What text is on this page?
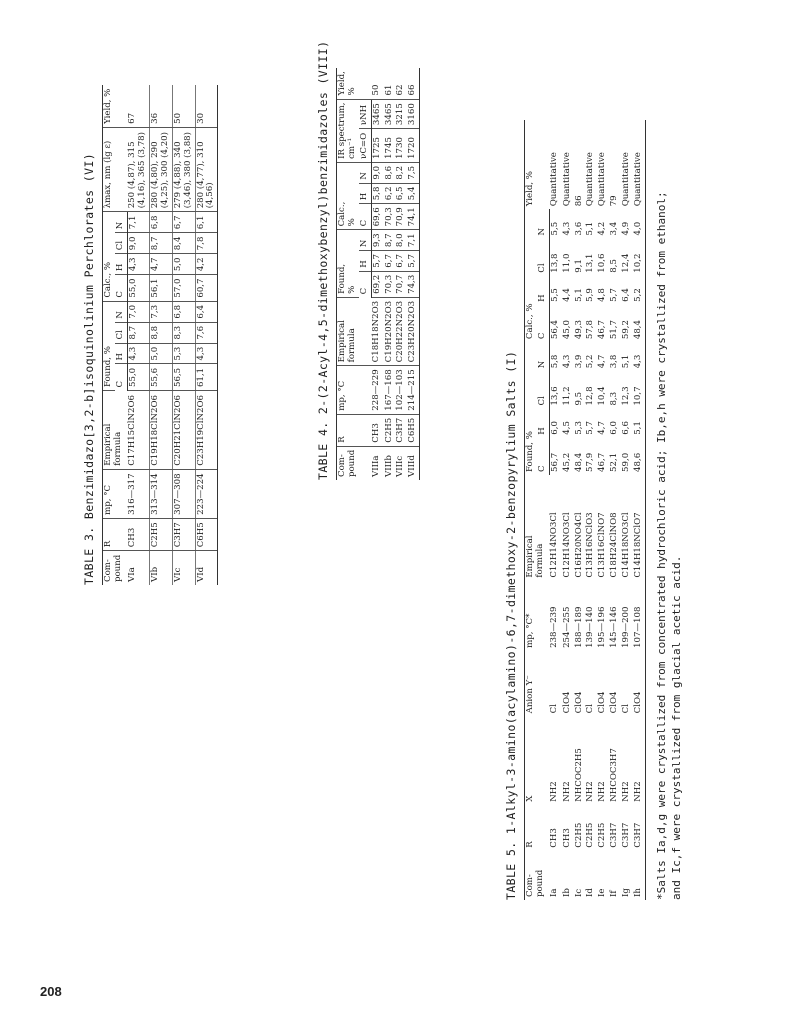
208
TABLE 3. Benzimidazo[3,2-b]isoquinolinium Perchlorates (VI) Com-
pound	R	mp, °C	Empirical
formula	Found, %				Calc., %				λmax, nm (lg ε)	Yield, %
				C	H	Cl	N	C	H	Cl	N		
VIa	CH3	316—317	C17H15ClN2O6	55,0	4,3	8,7	7,0	55,0	4,3	9,0	7,1	250 (4,87), 315
(4,16), 365 (3,78)	67
VIb	C2H5	313—314	C19H18ClN2O6	55,6	5,0	8,8	7,3	56,1	4,7	8,7	6,8	280 (4,80), 290
(4,25), 300 (4,20)	36
VIc	C3H7	307—308	C20H21ClN2O6	56,5	5,3	8,3	6,8	57,0	5,0	8,4	6,7	279 (4,88), 340
(3,46), 380 (3,88)	50
VId	C6H5	223—224	C23H19ClN2O6	61,1	4,3	7,6	6,4	60,7	4,2	7,8	6,1	280 (4,77), 310
(4,56)	30	TABLE 4. 2-(2-Acyl-4,5-dimethoxybenzyl)benzimidazoles (VIII) Com-
pound	R	mp, °C	Empirical
formula	Found,
%			Calc.,
%			IR spectrum,
cm⁻¹		Yield,
%
				C	H	N	C	H	N	νC=O	νNH	
VIIIa	CH3	228—229	C18H18N2O3	69,2	5,7	9,3	69,6	5,8	9,0	1725	3465	50
VIIIb	C2H5	167—168	C19H20N2O3	70,3	6,7	8,7	70,3	6,2	8,6	1745	3465	61
VIIIc	C3H7	102—103	C20H22N2O3	70,7	6,7	8,0	70,9	6,5	8,2	1730	3215	62
VIIId	C6H5	214—215	C23H20N2O3	74,3	5,7	7,1	74,1	5,4	7,5	1720	3160	66
TABLE 5. 1-Alkyl-3-amino(acylamino)-6,7-dimethoxy-2-benzopyrylium Salts (I) Com-
pound	R	X	Anion Y⁻	mp, °C*	Empirical
formula	Found, %				Calc., %				Yield, %
						C	H	Cl	N	C	H	Cl	N	
Ia	CH3	NH2	Cl	238—239	C12H14NO3Cl	56,7	6,0	13,6	5,8	56,4	5,5	13,8	5,5	Quantitative
Ib	CH3	NH2	ClO4	254—255	C12H14NO3Cl	45,2	4,5	11,2	4,3	45,0	4,4	11,0	4,3	Quantitative
Ic	C2H5	NHCOC2H5	ClO4	188—189	C16H20NO4Cl	48,4	5,3	9,5	3,9	49,3	5,1	9,1	3,6	86
Id	C2H5	NH2	Cl	139—140	C13H16NClO3	57,9	5,7	12,8	5,2	57,8	5,9	13,1	5,1	Quantitative
Ie	C2H5	NH2	ClO4	195—196	C13H16ClNO7	46,7	4,7	10,4	4,7	46,7	4,8	10,6	4,2	Quantitative
If	C3H7	NHCOC3H7	ClO4	145—146	C18H24ClNO8	52,1	6,0	8,3	3,8	51,7	5,7	8,5	3,4	79
Ig	C3H7	NH2	Cl	199—200	C14H18NO3Cl	59,0	6,6	12,3	5,1	59,2	6,4	12,4	4,9	Quantitative
Ih	C3H7	NH2	ClO4	107—108	C14H18NClO7	48,6	5,1	10,7	4,3	48,4	5,2	10,2	4,0	Quantitative
*Salts Ia,d,g were crystallized from concentrated hydrochloric acid; Ib,e,h were crystallized from ethanol; and Ic,f were crystallized from glacial acetic acid.
